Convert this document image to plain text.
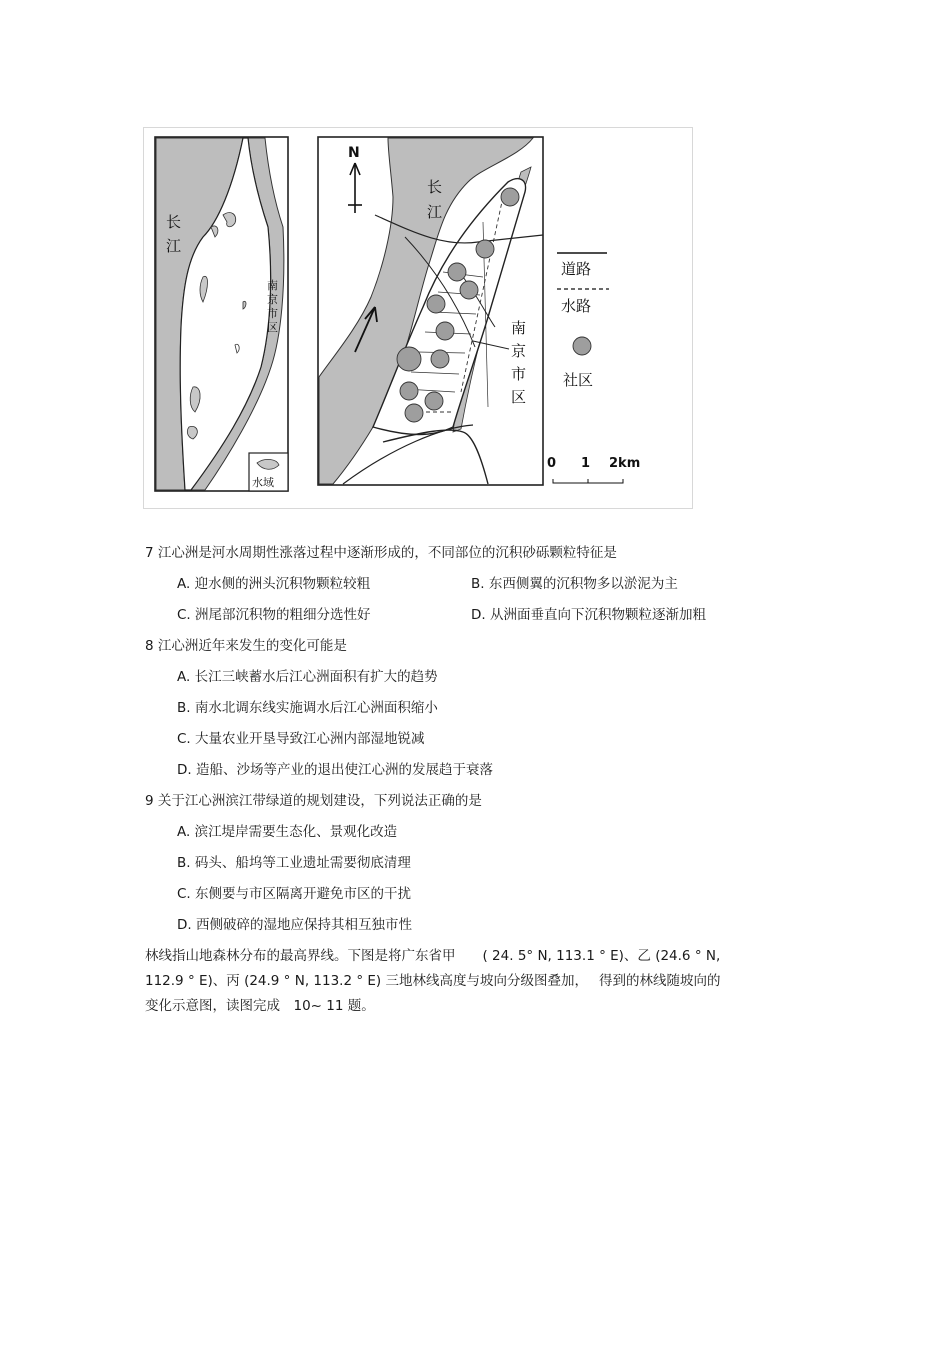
长
江
南京市区
水域
N
长
江
南京市区
道路
水路
社区
0 1 2km
7 江心洲是河水周期性涨落过程中逐渐形成的，不同部位的沉积砂砾颗粒特征是
A. 迎水侧的洲头沉积物颗粒较粗	B. 东西侧翼的沉积物多以淤泥为主
C. 洲尾部沉积物的粗细分选性好	D. 从洲面垂直向下沉积物颗粒逐渐加粗
8 江心洲近年来发生的变化可能是
A. 长江三峡蓄水后江心洲面积有扩大的趋势
B. 南水北调东线实施调水后江心洲面积缩小
C. 大量农业开垦导致江心洲内部湿地锐减
D. 造船、沙场等产业的退出使江心洲的发展趋于衰落
9 关于江心洲滨江带绿道的规划建设，下列说法正确的是
A. 滨江堤岸需要生态化、景观化改造
B. 码头、船坞等工业遗址需要彻底清理
C. 东侧要与市区隔离开避免市区的干扰
D. 西侧破碎的湿地应保持其相互独市性
林线指山地森林分布的最高界线。下图是将广东省甲　　( 24. 5° N, 113.1 ° E)、乙 (24.6 ° N,
112.9 ° E)、丙 (24.9 ° N, 113.2 ° E) 三地林线高度与坡向分级图叠加，　 得到的林线随坡向的
变化示意图，读图完成　10~ 11 题。
